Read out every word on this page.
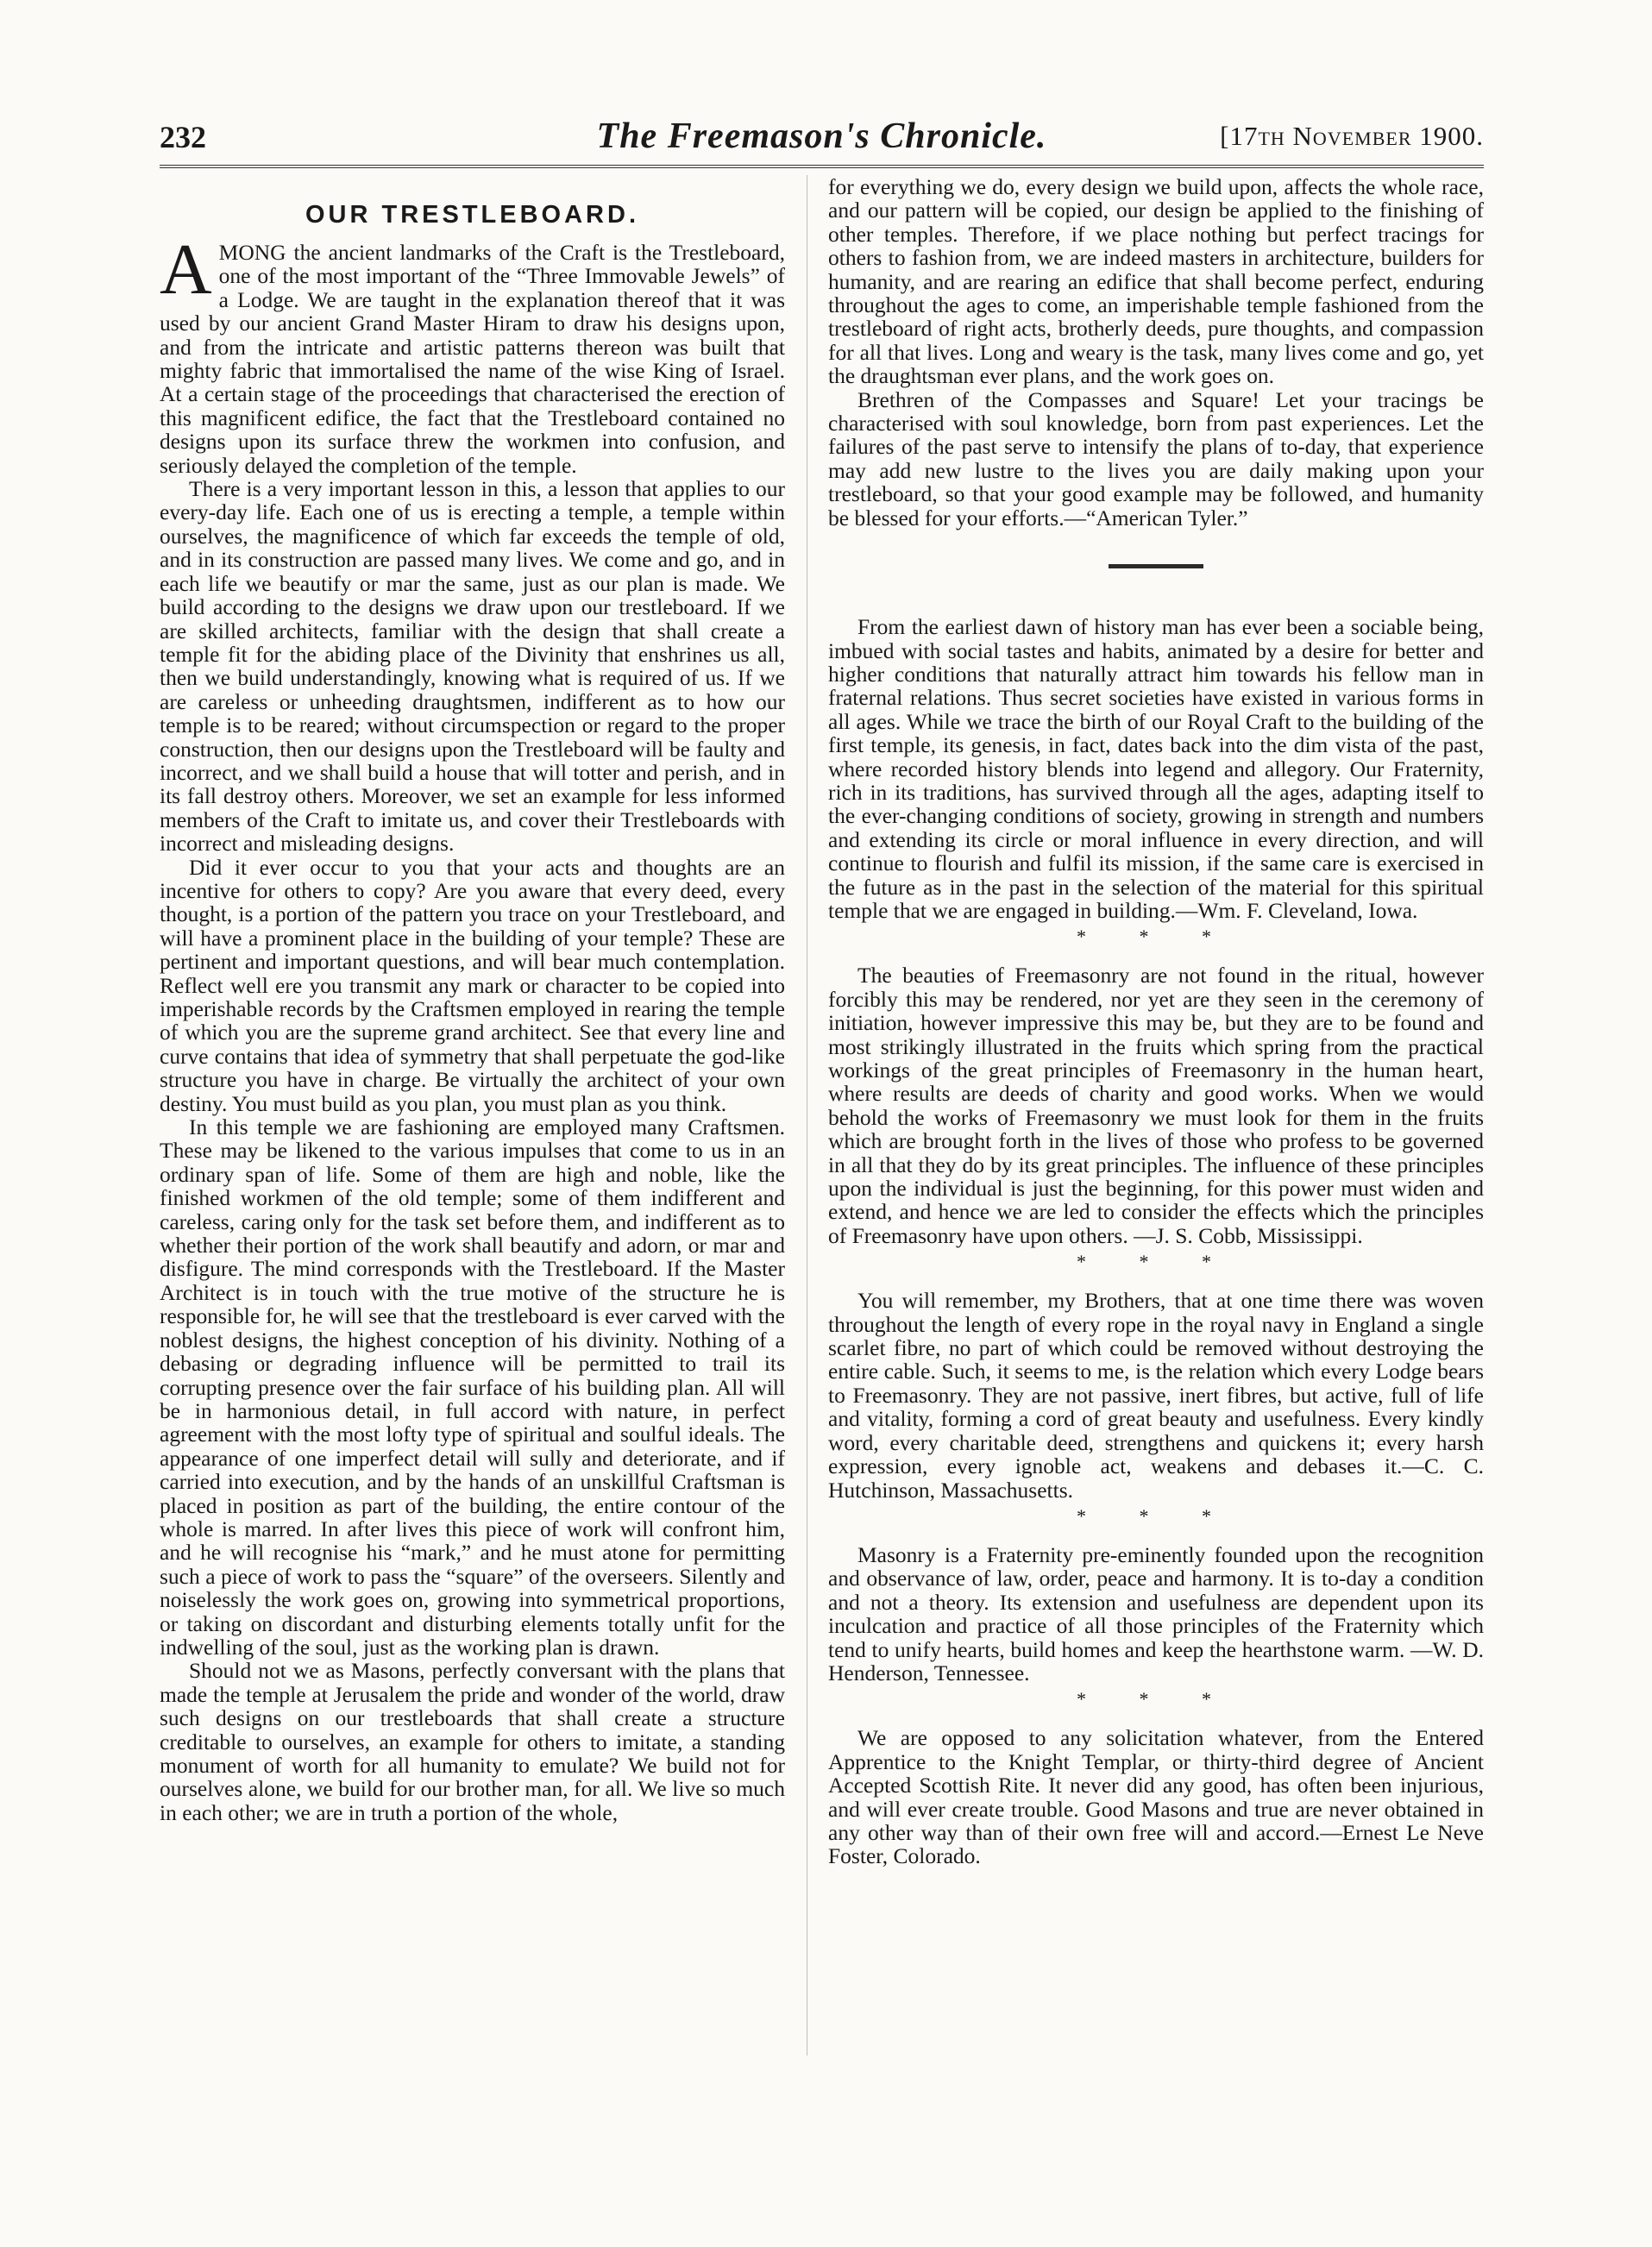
232	The Freemason's Chronicle.	[17th November 1900.
OUR TRESTLEBOARD.

AMONG the ancient landmarks of the Craft is the Trestleboard, one of the most important of the “Three Immovable Jewels” of a Lodge. We are taught in the explanation thereof that it was used by our ancient Grand Master Hiram to draw his designs upon, and from the intricate and artistic patterns thereon was built that mighty fabric that immortalised the name of the wise King of Israel. At a certain stage of the proceedings that characterised the erection of this magnificent edifice, the fact that the Trestleboard contained no designs upon its surface threw the workmen into confusion, and seriously delayed the completion of the temple.

There is a very important lesson in this, a lesson that applies to our every-day life. Each one of us is erecting a temple, a temple within ourselves, the magnificence of which far exceeds the temple of old, and in its construction are passed many lives. We come and go, and in each life we beautify or mar the same, just as our plan is made. We build according to the designs we draw upon our trestleboard. If we are skilled architects, familiar with the design that shall create a temple fit for the abiding place of the Divinity that enshrines us all, then we build understandingly, knowing what is required of us. If we are careless or unheeding draughtsmen, indifferent as to how our temple is to be reared; without circumspection or regard to the proper construction, then our designs upon the Trestleboard will be faulty and incorrect, and we shall build a house that will totter and perish, and in its fall destroy others. Moreover, we set an example for less informed members of the Craft to imitate us, and cover their Trestleboards with incorrect and misleading designs.

Did it ever occur to you that your acts and thoughts are an incentive for others to copy? Are you aware that every deed, every thought, is a portion of the pattern you trace on your Trestleboard, and will have a prominent place in the building of your temple? These are pertinent and important questions, and will bear much contemplation. Reflect well ere you transmit any mark or character to be copied into imperishable records by the Craftsmen employed in rearing the temple of which you are the supreme grand architect. See that every line and curve contains that idea of symmetry that shall perpetuate the god-like structure you have in charge. Be virtually the architect of your own destiny. You must build as you plan, you must plan as you think.

In this temple we are fashioning are employed many Craftsmen. These may be likened to the various impulses that come to us in an ordinary span of life. Some of them are high and noble, like the finished workmen of the old temple; some of them indifferent and careless, caring only for the task set before them, and indifferent as to whether their portion of the work shall beautify and adorn, or mar and disfigure. The mind corresponds with the Trestleboard. If the Master Architect is in touch with the true motive of the structure he is responsible for, he will see that the trestleboard is ever carved with the noblest designs, the highest conception of his divinity. Nothing of a debasing or degrading influence will be permitted to trail its corrupting presence over the fair surface of his building plan. All will be in harmonious detail, in full accord with nature, in perfect agreement with the most lofty type of spiritual and soulful ideals. The appearance of one imperfect detail will sully and deteriorate, and if carried into execution, and by the hands of an unskillful Craftsman is placed in position as part of the building, the entire contour of the whole is marred. In after lives this piece of work will confront him, and he will recognise his “mark,” and he must atone for permitting such a piece of work to pass the “square” of the overseers. Silently and noiselessly the work goes on, growing into symmetrical proportions, or taking on discordant and disturbing elements totally unfit for the indwelling of the soul, just as the working plan is drawn.

Should not we as Masons, perfectly conversant with the plans that made the temple at Jerusalem the pride and wonder of the world, draw such designs on our trestleboards that shall create a structure creditable to ourselves, an example for others to imitate, a standing monument of worth for all humanity to emulate? We build not for ourselves alone, we build for our brother man, for all. We live so much in each other; we are in truth a portion of the whole,

for everything we do, every design we build upon, affects the whole race, and our pattern will be copied, our design be applied to the finishing of other temples. Therefore, if we place nothing but perfect tracings for others to fashion from, we are indeed masters in architecture, builders for humanity, and are rearing an edifice that shall become perfect, enduring throughout the ages to come, an imperishable temple fashioned from the trestleboard of right acts, brotherly deeds, pure thoughts, and compassion for all that lives. Long and weary is the task, many lives come and go, yet the draughtsman ever plans, and the work goes on.

Brethren of the Compasses and Square! Let your tracings be characterised with soul knowledge, born from past experiences. Let the failures of the past serve to intensify the plans of to-day, that experience may add new lustre to the lives you are daily making upon your trestleboard, so that your good example may be followed, and humanity be blessed for your efforts.—“American Tyler.”

From the earliest dawn of history man has ever been a sociable being, imbued with social tastes and habits, animated by a desire for better and higher conditions that naturally attract him towards his fellow man in fraternal relations. Thus secret societies have existed in various forms in all ages. While we trace the birth of our Royal Craft to the building of the first temple, its genesis, in fact, dates back into the dim vista of the past, where recorded history blends into legend and allegory. Our Fraternity, rich in its traditions, has survived through all the ages, adapting itself to the ever-changing conditions of society, growing in strength and numbers and extending its circle or moral influence in every direction, and will continue to flourish and fulfil its mission, if the same care is exercised in the future as in the past in the selection of the material for this spiritual temple that we are engaged in building.—Wm. F. Cleveland, Iowa.

* * *

The beauties of Freemasonry are not found in the ritual, however forcibly this may be rendered, nor yet are they seen in the ceremony of initiation, however impressive this may be, but they are to be found and most strikingly illustrated in the fruits which spring from the practical workings of the great principles of Freemasonry in the human heart, where results are deeds of charity and good works. When we would behold the works of Freemasonry we must look for them in the fruits which are brought forth in the lives of those who profess to be governed in all that they do by its great principles. The influence of these principles upon the individual is just the beginning, for this power must widen and extend, and hence we are led to consider the effects which the principles of Freemasonry have upon others. —J. S. Cobb, Mississippi.

* * *

You will remember, my Brothers, that at one time there was woven throughout the length of every rope in the royal navy in England a single scarlet fibre, no part of which could be removed without destroying the entire cable. Such, it seems to me, is the relation which every Lodge bears to Freemasonry. They are not passive, inert fibres, but active, full of life and vitality, forming a cord of great beauty and usefulness. Every kindly word, every charitable deed, strengthens and quickens it; every harsh expression, every ignoble act, weakens and debases it.—C. C. Hutchinson, Massachusetts.

* * *

Masonry is a Fraternity pre-eminently founded upon the recognition and observance of law, order, peace and harmony. It is to-day a condition and not a theory. Its extension and usefulness are dependent upon its inculcation and practice of all those principles of the Fraternity which tend to unify hearts, build homes and keep the hearthstone warm. —W. D. Henderson, Tennessee.

* * *

We are opposed to any solicitation whatever, from the Entered Apprentice to the Knight Templar, or thirty-third degree of Ancient Accepted Scottish Rite. It never did any good, has often been injurious, and will ever create trouble. Good Masons and true are never obtained in any other way than of their own free will and accord.—Ernest Le Neve Foster, Colorado.
